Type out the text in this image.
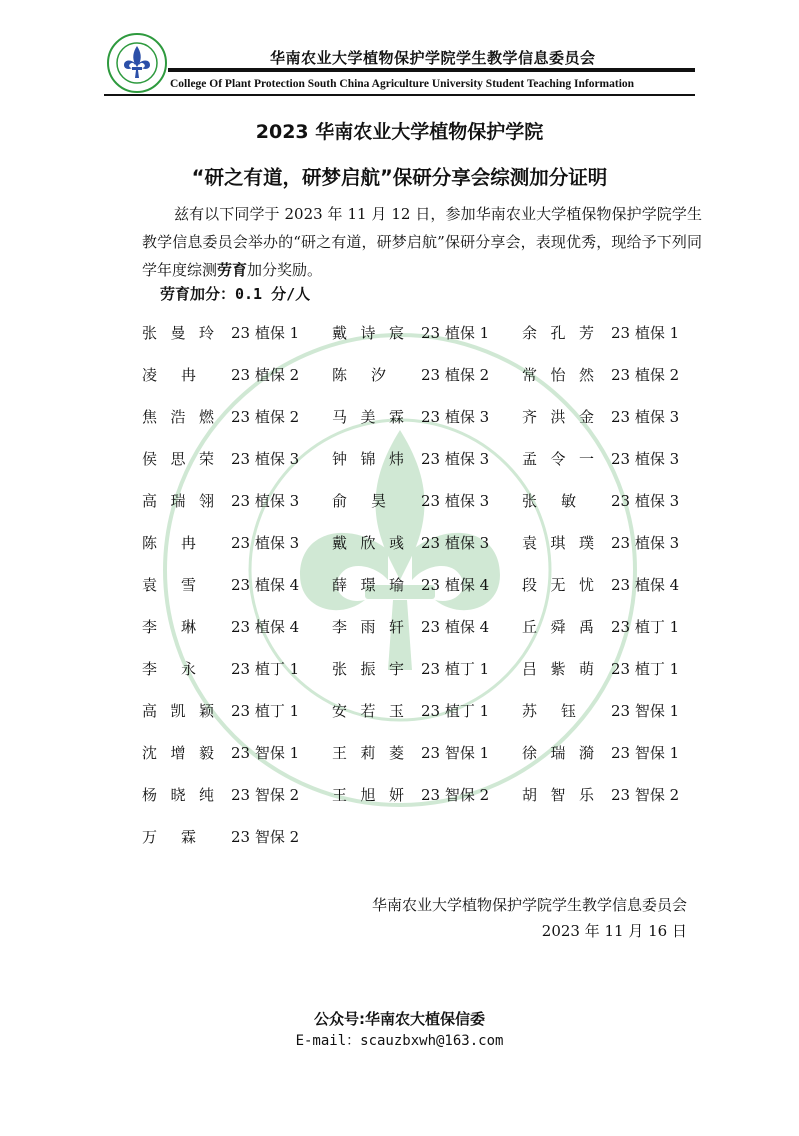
华南农业大学植物保护学院学生教学信息委员会
College Of Plant Protection South China Agriculture University Student Teaching Information
2023 华南农业大学植物保护学院
“研之有道，研梦启航”保研分享会综测加分证明
兹有以下同学于 2023 年 11 月 12 日，参加华南农业大学植保物保护学院学生教学信息委员会举办的“研之有道，研梦启航”保研分享会，表现优秀，现给予下列同学年度综测劳育加分奖励。
劳育加分：0.1 分/人
张曼玲 23 植保 1 戴诗宸 23 植保 1 余孔芳 23 植保 1
凌 冉 23 植保 2 陈 汐 23 植保 2 常怡然 23 植保 2
焦浩燃 23 植保 2 马美霖 23 植保 3 齐洪金 23 植保 3
侯思荣 23 植保 3 钟锦炜 23 植保 3 孟令一 23 植保 3
高瑞翎 23 植保 3 俞 昊 23 植保 3 张 敏 23 植保 3
陈 冉 23 植保 3 戴欣彧 23 植保 3 袁琪璞 23 植保 3
袁 雪 23 植保 4 薛璟瑜 23 植保 4 段无忧 23 植保 4
李 琳 23 植保 4 李雨轩 23 植保 4 丘舜禹 23 植丁 1
李 永 23 植丁 1 张振宇 23 植丁 1 吕紫萌 23 植丁 1
高凯颖 23 植丁 1 安若玉 23 植丁 1 苏 钰 23 智保 1
沈增毅 23 智保 1 王莉菱 23 智保 1 徐瑞漪 23 智保 1
杨晓纯 23 智保 2 王旭妍 23 智保 2 胡智乐 23 智保 2
万 霖 23 智保 2
华南农业大学植物保护学院学生教学信息委员会
2023 年 11 月 16 日
公众号:华南农大植保信委
E-mail：scauzbxwh@163.com
